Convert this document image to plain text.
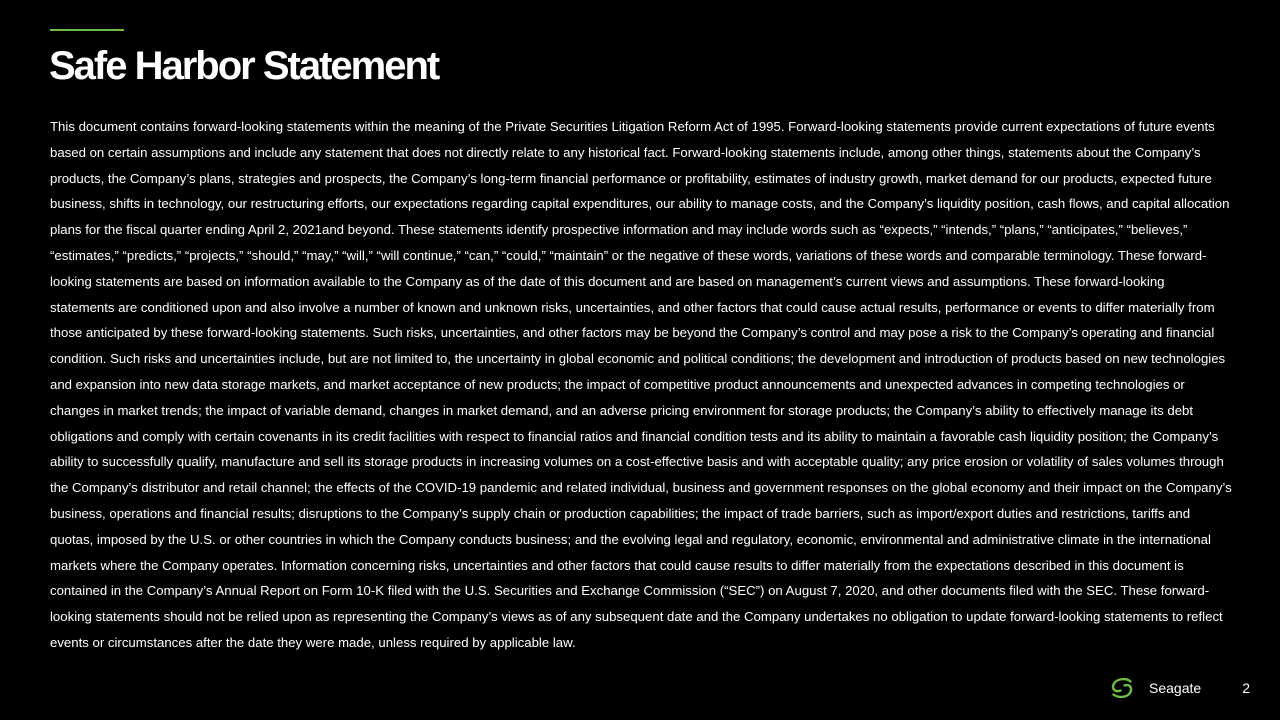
Safe Harbor Statement

This document contains forward-looking statements within the meaning of the Private Securities Litigation Reform Act of 1995. Forward-looking statements provide current expectations of future events based on certain assumptions and include any statement that does not directly relate to any historical fact. Forward-looking statements include, among other things, statements about the Company’s products, the Company’s plans, strategies and prospects, the Company’s long-term financial performance or profitability, estimates of industry growth, market demand for our products, expected future business, shifts in technology, our restructuring efforts, our expectations regarding capital expenditures, our ability to manage costs, and the Company’s liquidity position, cash flows, and capital allocation plans for the fiscal quarter ending April 2, 2021and beyond. These statements identify prospective information and may include words such as “expects,” “intends,” “plans,” “anticipates,” “believes,” “estimates,” “predicts,” “projects,” “should,” “may,” “will,” “will continue,” “can,” “could,” “maintain” or the negative of these words, variations of these words and comparable terminology. These forward-looking statements are based on information available to the Company as of the date of this document and are based on management’s current views and assumptions. These forward-looking statements are conditioned upon and also involve a number of known and unknown risks, uncertainties, and other factors that could cause actual results, performance or events to differ materially from those anticipated by these forward-looking statements. Such risks, uncertainties, and other factors may be beyond the Company’s control and may pose a risk to the Company’s operating and financial condition. Such risks and uncertainties include, but are not limited to, the uncertainty in global economic and political conditions; the development and introduction of products based on new technologies and expansion into new data storage markets, and market acceptance of new products; the impact of competitive product announcements and unexpected advances in competing technologies or changes in market trends; the impact of variable demand, changes in market demand, and an adverse pricing environment for storage products; the Company’s ability to effectively manage its debt obligations and comply with certain covenants in its credit facilities with respect to financial ratios and financial condition tests and its ability to maintain a favorable cash liquidity position; the Company’s ability to successfully qualify, manufacture and sell its storage products in increasing volumes on a cost-effective basis and with acceptable quality; any price erosion or volatility of sales volumes through the Company’s distributor and retail channel; the effects of the COVID-19 pandemic and related individual, business and government responses on the global economy and their impact on the Company’s business, operations and financial results; disruptions to the Company’s supply chain or production capabilities; the impact of trade barriers, such as import/export duties and restrictions, tariffs and quotas, imposed by the U.S. or other countries in which the Company conducts business; and the evolving legal and regulatory, economic, environmental and administrative climate in the international markets where the Company operates. Information concerning risks, uncertainties and other factors that could cause results to differ materially from the expectations described in this document is contained in the Company’s Annual Report on Form 10-K filed with the U.S. Securities and Exchange Commission (“SEC”) on August 7, 2020, and other documents filed with the SEC. These forward-looking statements should not be relied upon as representing the Company’s views as of any subsequent date and the Company undertakes no obligation to update forward-looking statements to reflect events or circumstances after the date they were made, unless required by applicable law.

Seagate	2
